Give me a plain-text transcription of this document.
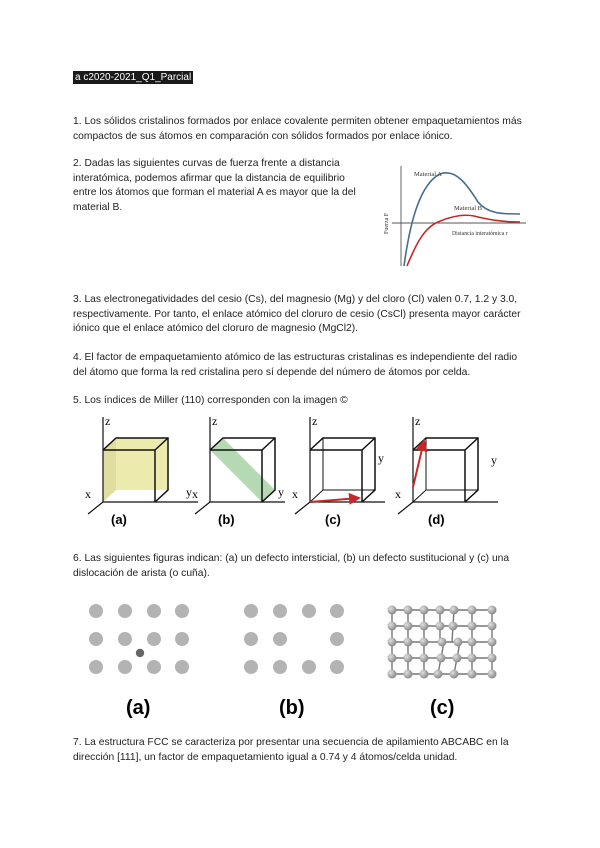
a c2020-2021_Q1_Parcial

1. Los sólidos cristalinos formados por enlace covalente permiten obtener empaquetamientos más compactos de sus átomos en comparación con sólidos formados por enlace iónico.

2. Dadas las siguientes curvas de fuerza frente a distancia interatómica, podemos afirmar que la distancia de equilibrio entre los átomos que forman el material A es mayor que la del material B.

Material A
Material B
Distancia interatómica r
Fuerza F

3. Las electronegatividades del cesio (Cs), del magnesio (Mg) y del cloro (Cl) valen 0.7, 1.2 y 3.0, respectivamente. Por tanto, el enlace atómico del cloruro de cesio (CsCl) presenta mayor carácter iónico que el enlace atómico del cloruro de magnesio (MgCl2).

4. El factor de empaquetamiento atómico de las estructuras cristalinas es independiente del radio del átomo que forma la red cristalina pero sí depende del número de átomos por celda.

5. Los índices de Miller (110) corresponden con la imagen ©

z
y
x
(a)
z
y
x
(b)
z
y
x
(c)
z
y
x
(d)

6. Las siguientes figuras indican: (a) un defecto intersticial, (b) un defecto sustitucional y (c) una dislocación de arista (o cuña).

(a)	(b)	(c)

7. La estructura FCC se caracteriza por presentar una secuencia de apilamiento ABCABC en la dirección [111], un factor de empaquetamiento igual a 0.74 y 4 átomos/celda unidad.
